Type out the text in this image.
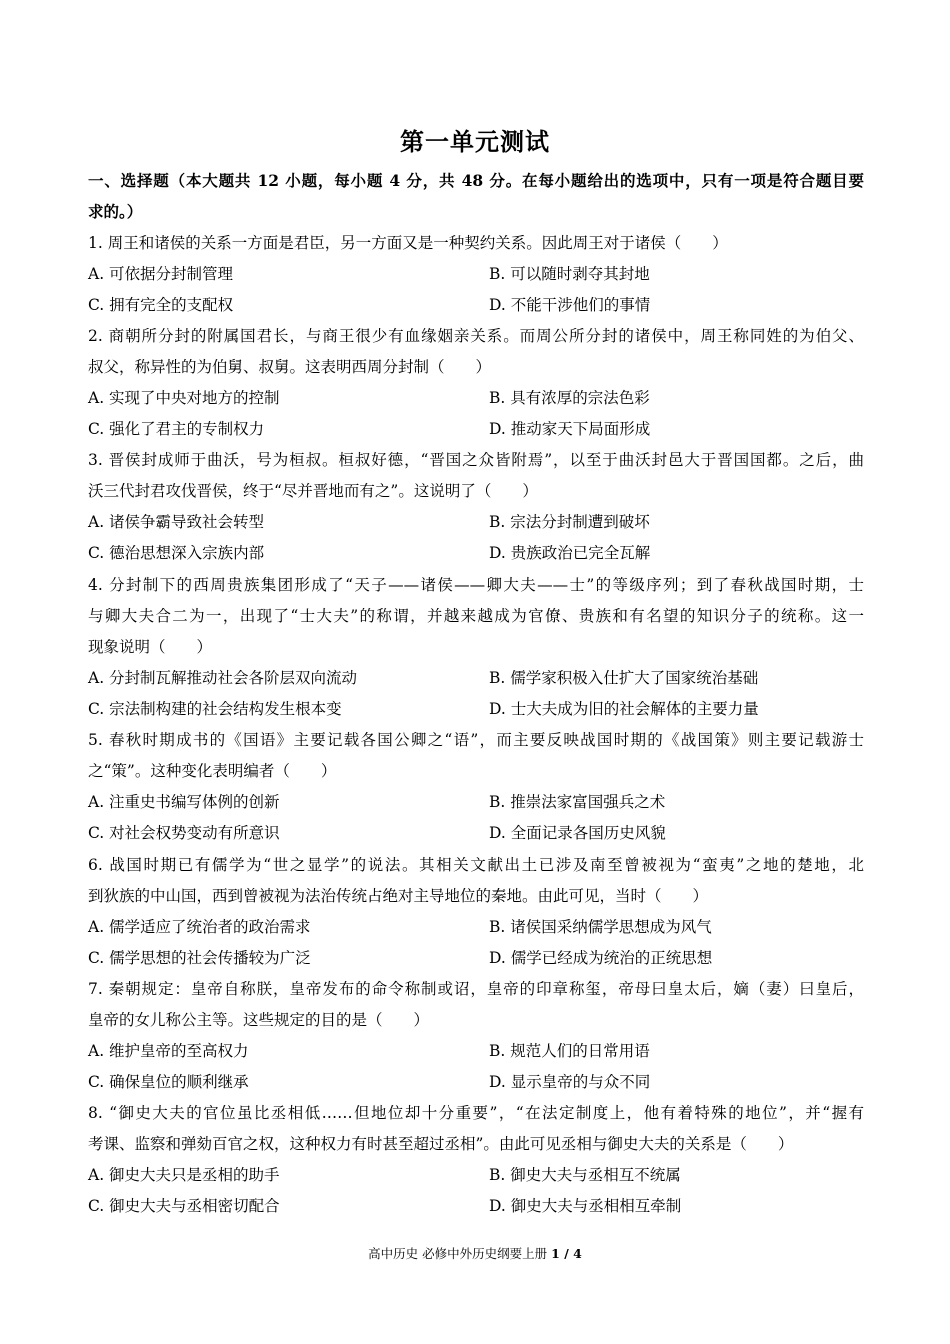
第一单元测试
一、选择题（本大题共 12 小题，每小题 4 分，共 48 分。在每小题给出的选项中，只有一项是符合题目要
求的。）
1. 周王和诸侯的关系一方面是君臣，另一方面又是一种契约关系。因此周王对于诸侯（　　）
A. 可依据分封制管理	B. 可以随时剥夺其封地
C. 拥有完全的支配权	D. 不能干涉他们的事情
2. 商朝所分封的附属国君长，与商王很少有血缘姻亲关系。而周公所分封的诸侯中，周王称同姓的为伯父、
叔父，称异性的为伯舅、叔舅。这表明西周分封制（　　）
A. 实现了中央对地方的控制	B. 具有浓厚的宗法色彩
C. 强化了君主的专制权力	D. 推动家天下局面形成
3. 晋侯封成师于曲沃，号为桓叔。桓叔好德，“晋国之众皆附焉”，以至于曲沃封邑大于晋国国都。之后，曲
沃三代封君攻伐晋侯，终于“尽并晋地而有之”。这说明了（　　）
A. 诸侯争霸导致社会转型	B. 宗法分封制遭到破坏
C. 德治思想深入宗族内部	D. 贵族政治已完全瓦解
4. 分封制下的西周贵族集团形成了“天子——诸侯——卿大夫——士”的等级序列；到了春秋战国时期，士
与卿大夫合二为一，出现了“士大夫”的称谓，并越来越成为官僚、贵族和有名望的知识分子的统称。这一
现象说明（　　）
A. 分封制瓦解推动社会各阶层双向流动	B. 儒学家积极入仕扩大了国家统治基础
C. 宗法制构建的社会结构发生根本变	D. 士大夫成为旧的社会解体的主要力量
5. 春秋时期成书的《国语》主要记载各国公卿之“语”，而主要反映战国时期的《战国策》则主要记载游士
之“策”。这种变化表明编者（　　）
A. 注重史书编写体例的创新	B. 推崇法家富国强兵之术
C. 对社会权势变动有所意识	D. 全面记录各国历史风貌
6. 战国时期已有儒学为“世之显学”的说法。其相关文献出土已涉及南至曾被视为“蛮夷”之地的楚地，北
到狄族的中山国，西到曾被视为法治传统占绝对主导地位的秦地。由此可见，当时（　　）
A. 儒学适应了统治者的政治需求	B. 诸侯国采纳儒学思想成为风气
C. 儒学思想的社会传播较为广泛	D. 儒学已经成为统治的正统思想
7. 秦朝规定：皇帝自称朕，皇帝发布的命令称制或诏，皇帝的印章称玺，帝母曰皇太后，嫡（妻）曰皇后，
皇帝的女儿称公主等。这些规定的目的是（　　）
A. 维护皇帝的至高权力	B. 规范人们的日常用语
C. 确保皇位的顺利继承	D. 显示皇帝的与众不同
8. “御史大夫的官位虽比丞相低……但地位却十分重要”，“在法定制度上，他有着特殊的地位”，并“握有
考课、监察和弹劾百官之权，这种权力有时甚至超过丞相”。由此可见丞相与御史大夫的关系是（　　）
A. 御史大夫只是丞相的助手	B. 御史大夫与丞相互不统属
C. 御史大夫与丞相密切配合	D. 御史大夫与丞相相互牵制
高中历史 必修中外历史纲要上册 1 / 4
